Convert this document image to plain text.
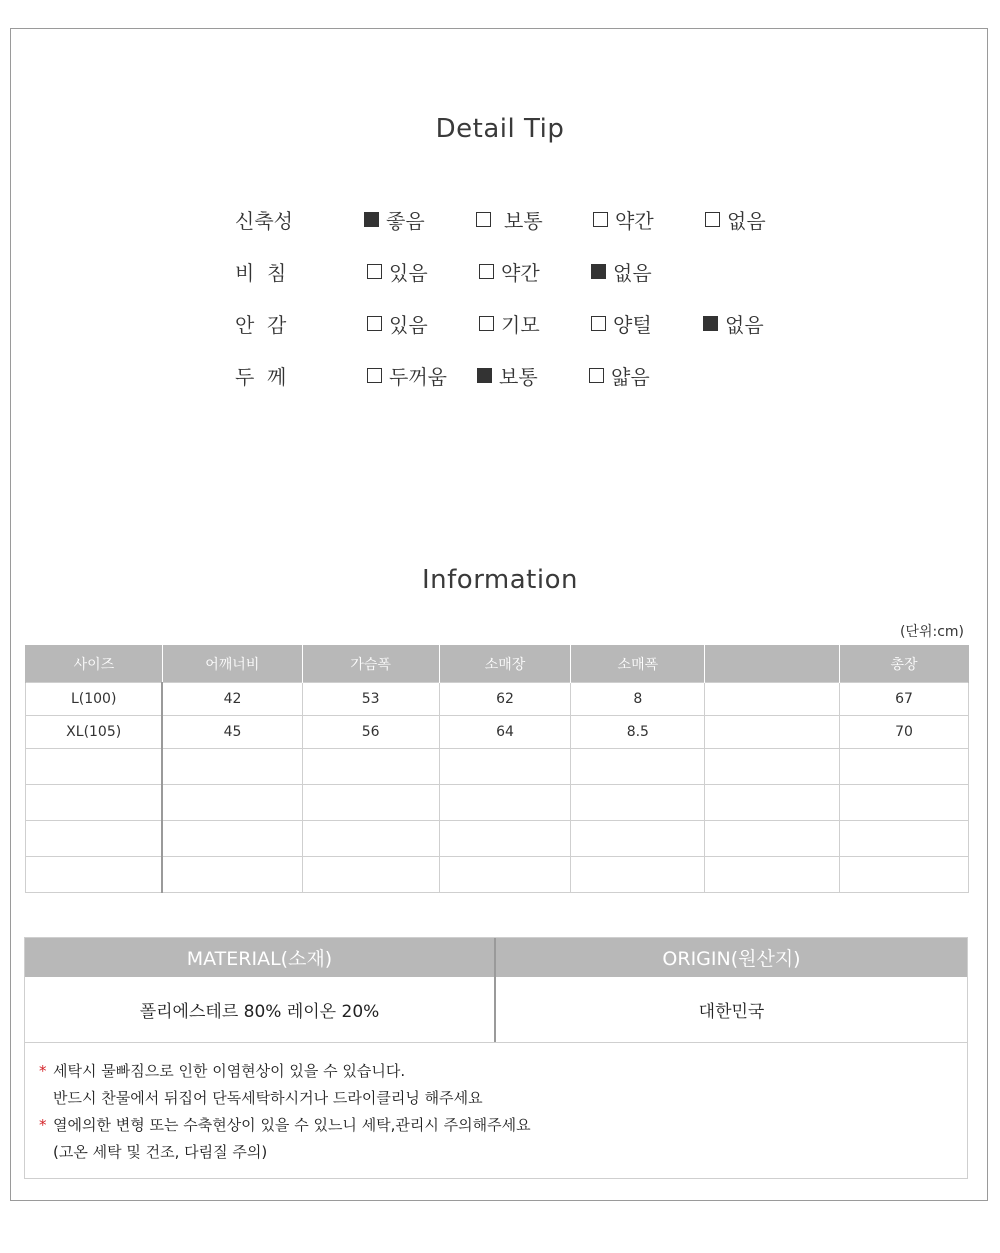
Detail Tip
신축성	좋음	보통	약간	없음
비  침	있음	약간	없음
안  감	있음	기모	양털	없음
두  께	두꺼움	보통	얇음
Information
(단위:cm)
사이즈	어깨너비	가슴폭	소매장	소매폭		총장
L(100)	42	53	62	8		67
XL(105)	45	56	64	8.5		70

MATERIAL(소재)	ORIGIN(원산지)
폴리에스테르 80% 레이온 20%	대한민국
* 세탁시 물빠짐으로 인한 이염현상이 있을 수 있습니다.
반드시 찬물에서 뒤집어 단독세탁하시거나 드라이클리닝 해주세요
* 열에의한 변형 또는 수축현상이 있을 수 있느니 세탁,관리시 주의해주세요
(고온 세탁 및 건조, 다림질 주의)
